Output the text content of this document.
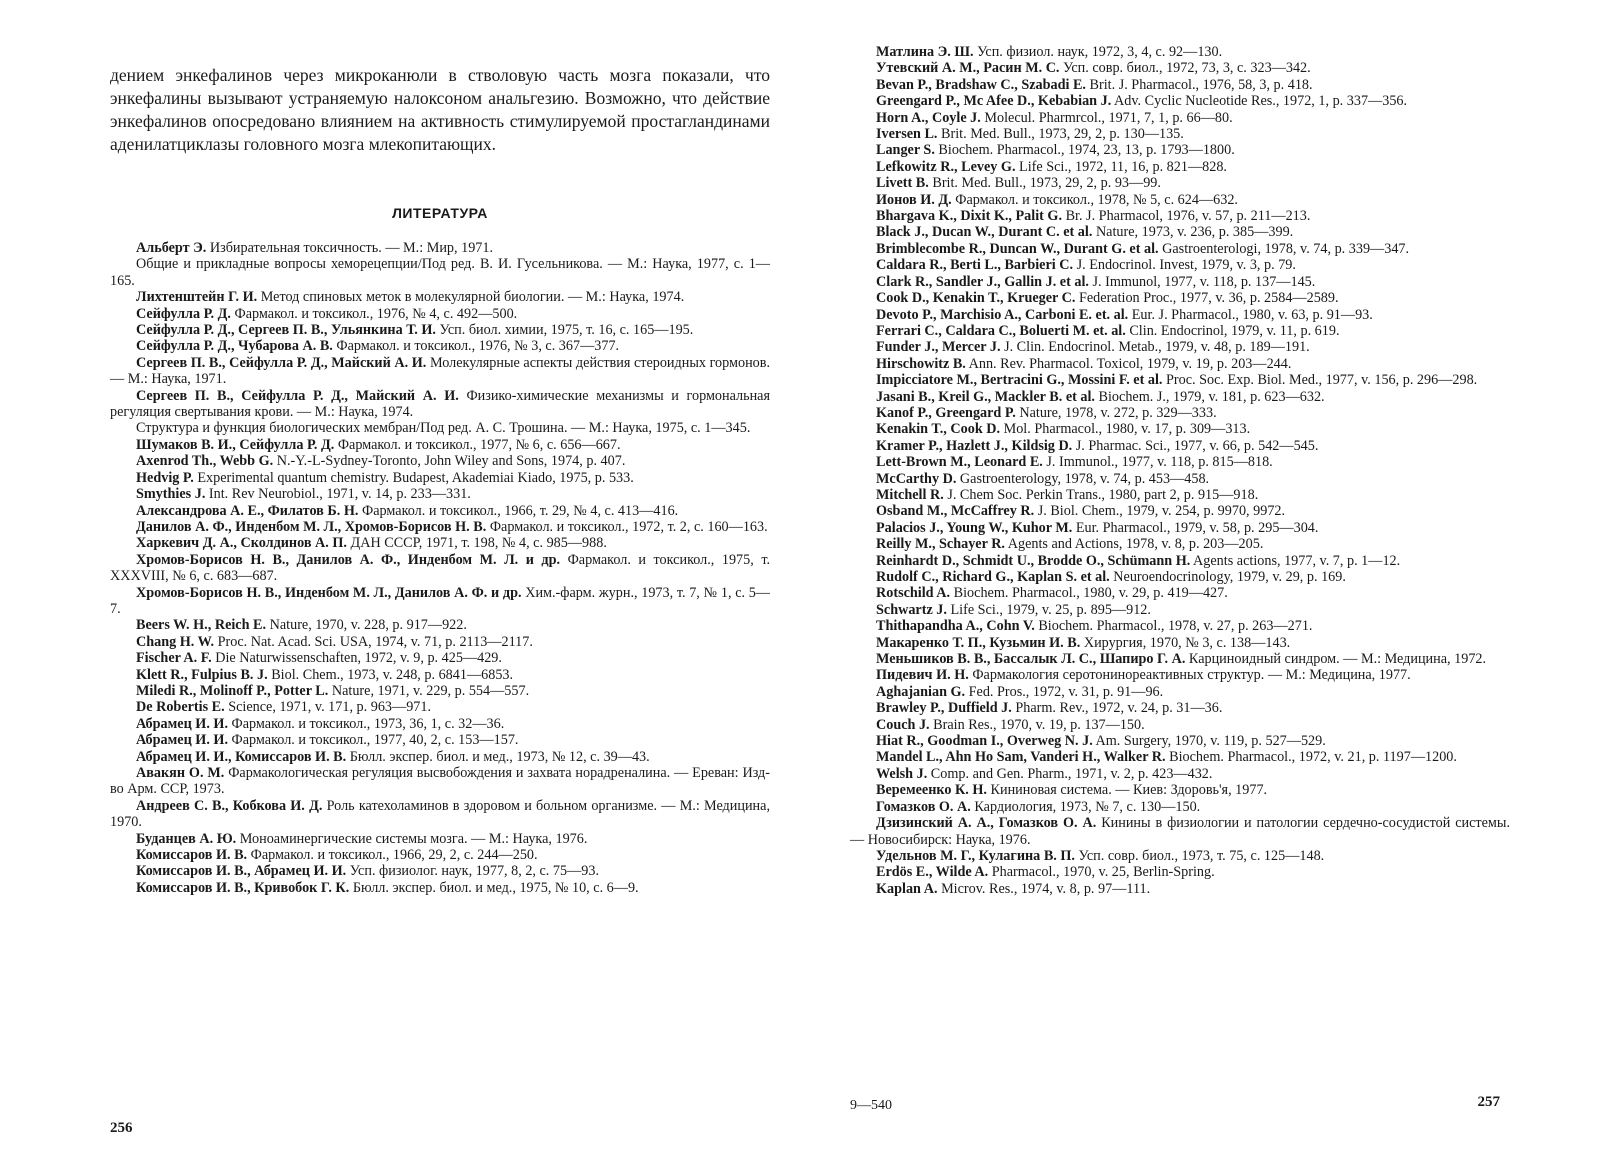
дением энкефалинов через микроканюли в стволовую часть мозга показали, что энкефалины вызывают устраняемую налоксоном анальгезию. Возможно, что действие энкефалинов опосредовано влиянием на активность стимулируемой простагландинами аденилатциклазы головного мозга млекопитающих.
ЛИТЕРАТУРА

Альберт Э. Избирательная токсичность. — М.: Мир, 1971.

Общие и прикладные вопросы хеморецепции/Под ред. В. И. Гусельникова. — М.: Наука, 1977, с. 1—165.

Лихтенштейн Г. И. Метод спиновых меток в молекулярной биологии. — М.: Наука, 1974.

Сейфулла Р. Д. Фармакол. и токсикол., 1976, № 4, с. 492—500.

Сейфулла Р. Д., Сергеев П. В., Ульянкина Т. И. Усп. биол. химии, 1975, т. 16, с. 165—195.

Сейфулла Р. Д., Чубарова А. В. Фармакол. и токсикол., 1976, № 3, с. 367—377.

Сергеев П. В., Сейфулла Р. Д., Майский А. И. Молекулярные аспекты действия стероидных гормонов. — М.: Наука, 1971.

Сергеев П. В., Сейфулла Р. Д., Майский А. И. Физико-химические механизмы и гормональная регуляция свертывания крови. — М.: Наука, 1974.

Структура и функция биологических мембран/Под ред. А. С. Трошина. — М.: Наука, 1975, с. 1—345.

Шумаков В. И., Сейфулла Р. Д. Фармакол. и токсикол., 1977, № 6, с. 656—667.

Axenrod Th., Webb G. N.-Y.-L-Sydney-Toronto, John Wiley and Sons, 1974, p. 407.

Hedvig P. Experimental quantum chemistry. Budapest, Akademiai Kiado, 1975, p. 533.

Smythies J. Int. Rev Neurobiol., 1971, v. 14, p. 233—331.

Александрова А. Е., Филатов Б. Н. Фармакол. и токсикол., 1966, т. 29, № 4, с. 413—416.

Данилов А. Ф., Инденбом М. Л., Хромов-Борисов Н. В. Фармакол. и токсикол., 1972, т. 2, с. 160—163.

Харкевич Д. А., Сколдинов А. П. ДАН СССР, 1971, т. 198, № 4, с. 985—988.

Хромов-Борисов Н. В., Данилов А. Ф., Инденбом М. Л. и др. Фармакол. и токсикол., 1975, т. XXXVIII, № 6, с. 683—687.

Хромов-Борисов Н. В., Инденбом М. Л., Данилов А. Ф. и др. Хим.-фарм. журн., 1973, т. 7, № 1, с. 5—7.

Beers W. H., Reich E. Nature, 1970, v. 228, p. 917—922.

Chang H. W. Proc. Nat. Acad. Sci. USA, 1974, v. 71, p. 2113—2117.

Fischer A. F. Die Naturwissenschaften, 1972, v. 9, p. 425—429.

Klett R., Fulpius B. J. Biol. Chem., 1973, v. 248, p. 6841—6853.

Miledi R., Molinoff P., Potter L. Nature, 1971, v. 229, p. 554—557.

De Robertis E. Science, 1971, v. 171, p. 963—971.

Абрамец И. И. Фармакол. и токсикол., 1973, 36, 1, с. 32—36.

Абрамец И. И. Фармакол. и токсикол., 1977, 40, 2, с. 153—157.

Абрамец И. И., Комиссаров И. В. Бюлл. экспер. биол. и мед., 1973, № 12, с. 39—43.

Авакян О. М. Фармакологическая регуляция высвобождения и захвата норадреналина. — Ереван: Изд-во Арм. ССР, 1973.

Андреев С. В., Кобкова И. Д. Роль катехоламинов в здоровом и больном организме. — М.: Медицина, 1970.

Буданцев А. Ю. Моноаминергические системы мозга. — М.: Наука, 1976.

Комиссаров И. В. Фармакол. и токсикол., 1966, 29, 2, с. 244—250.

Комиссаров И. В., Абрамец И. И. Усп. физиолог. наук, 1977, 8, 2, с. 75—93.

Комиссаров И. В., Кривобок Г. К. Бюлл. экспер. биол. и мед., 1975, № 10, с. 6—9.

256

Матлина Э. Ш. Усп. физиол. наук, 1972, 3, 4, с. 92—130.

Утевский А. М., Расин М. С. Усп. совр. биол., 1972, 73, 3, с. 323—342.

Bevan P., Bradshaw C., Szabadi E. Brit. J. Pharmacol., 1976, 58, 3, p. 418.

Greengard P., Mc Afee D., Kebabian J. Adv. Cyclic Nucleotide Res., 1972, 1, p. 337—356.

Horn A., Coyle J. Molecul. Pharmrcol., 1971, 7, 1, p. 66—80.

Iversen L. Brit. Med. Bull., 1973, 29, 2, p. 130—135.

Langer S. Biochem. Pharmacol., 1974, 23, 13, p. 1793—1800.

Lefkowitz R., Levey G. Life Sci., 1972, 11, 16, p. 821—828.

Livett B. Brit. Med. Bull., 1973, 29, 2, p. 93—99.

Ионов И. Д. Фармакол. и токсикол., 1978, № 5, с. 624—632.

Bhargava K., Dixit K., Palit G. Br. J. Pharmacol, 1976, v. 57, p. 211—213.

Black J., Ducan W., Durant C. et al. Nature, 1973, v. 236, p. 385—399.

Brimblecombe R., Duncan W., Durant G. et al. Gastroenterologi, 1978, v. 74, p. 339—347.

Caldara R., Berti L., Barbieri C. J. Endocrinol. Invest, 1979, v. 3, p. 79.

Clark R., Sandler J., Gallin J. et al. J. Immunol, 1977, v. 118, p. 137—145.

Cook D., Kenakin T., Krueger C. Federation Proc., 1977, v. 36, p. 2584—2589.

Devoto P., Marchisio A., Carboni E. et. al. Eur. J. Pharmacol., 1980, v. 63, p. 91—93.

Ferrari C., Caldara C., Boluerti M. et. al. Clin. Endocrinol, 1979, v. 11, p. 619.

Funder J., Mercer J. J. Clin. Endocrinol. Metab., 1979, v. 48, p. 189—191.

Hirschowitz B. Ann. Rev. Pharmacol. Toxicol, 1979, v. 19, p. 203—244.

Impicciatore M., Bertracini G., Mossini F. et al. Proc. Soc. Exp. Biol. Med., 1977, v. 156, p. 296—298.

Jasani B., Kreil G., Mackler B. et al. Biochem. J., 1979, v. 181, p. 623—632.

Kanof P., Greengard P. Nature, 1978, v. 272, p. 329—333.

Kenakin T., Cook D. Mol. Pharmacol., 1980, v. 17, p. 309—313.

Kramer P., Hazlett J., Kildsig D. J. Pharmac. Sci., 1977, v. 66, p. 542—545.

Lett-Brown M., Leonard E. J. Immunol., 1977, v. 118, p. 815—818.

McCarthy D. Gastroenterology, 1978, v. 74, p. 453—458.

Mitchell R. J. Chem Soc. Perkin Trans., 1980, part 2, p. 915—918.

Osband M., McCaffrey R. J. Biol. Chem., 1979, v. 254, p. 9970, 9972.

Palacios J., Young W., Kuhor M. Eur. Pharmacol., 1979, v. 58, p. 295—304.

Reilly M., Schayer R. Agents and Actions, 1978, v. 8, p. 203—205.

Reinhardt D., Schmidt U., Brodde O., Schümann H. Agents actions, 1977, v. 7, p. 1—12.

Rudolf C., Richard G., Kaplan S. et al. Neuroendocrinology, 1979, v. 29, p. 169.

Rotschild A. Biochem. Pharmacol., 1980, v. 29, p. 419—427.

Schwartz J. Life Sci., 1979, v. 25, p. 895—912.

Thithapandha A., Cohn V. Biochem. Pharmacol., 1978, v. 27, p. 263—271.

Макаренко Т. П., Кузьмин И. В. Хирургия, 1970, № 3, с. 138—143.

Меньшиков В. В., Бассалык Л. С., Шапиро Г. А. Карциноидный синдром. — М.: Медицина, 1972.

Пидевич И. Н. Фармакология серотонинореактивных структур. — М.: Медицина, 1977.

Aghajanian G. Fed. Pros., 1972, v. 31, p. 91—96.

Brawley P., Duffield J. Pharm. Rev., 1972, v. 24, p. 31—36.

Couch J. Brain Res., 1970, v. 19, p. 137—150.

Hiat R., Goodman I., Overweg N. J. Am. Surgery, 1970, v. 119, p. 527—529.

Mandel L., Ahn Ho Sam, Vanderi H., Walker R. Biochem. Pharmacol., 1972, v. 21, p. 1197—1200.

Welsh J. Comp. and Gen. Pharm., 1971, v. 2, p. 423—432.

Веремеенко К. Н. Кининовая система. — Киев: Здоровь'я, 1977.

Гомазков О. А. Кардиология, 1973, № 7, с. 130—150.

Дзизинский А. А., Гомазков О. А. Кинины в физиологии и патологии сердечно-сосудистой системы. — Новосибирск: Наука, 1976.

Удельнов М. Г., Кулагина В. П. Усп. совр. биол., 1973, т. 75, с. 125—148.

Erdös E., Wilde A. Pharmacol., 1970, v. 25, Berlin-Spring.

Kaplan A. Microv. Res., 1974, v. 8, p. 97—111.

9—540	257
